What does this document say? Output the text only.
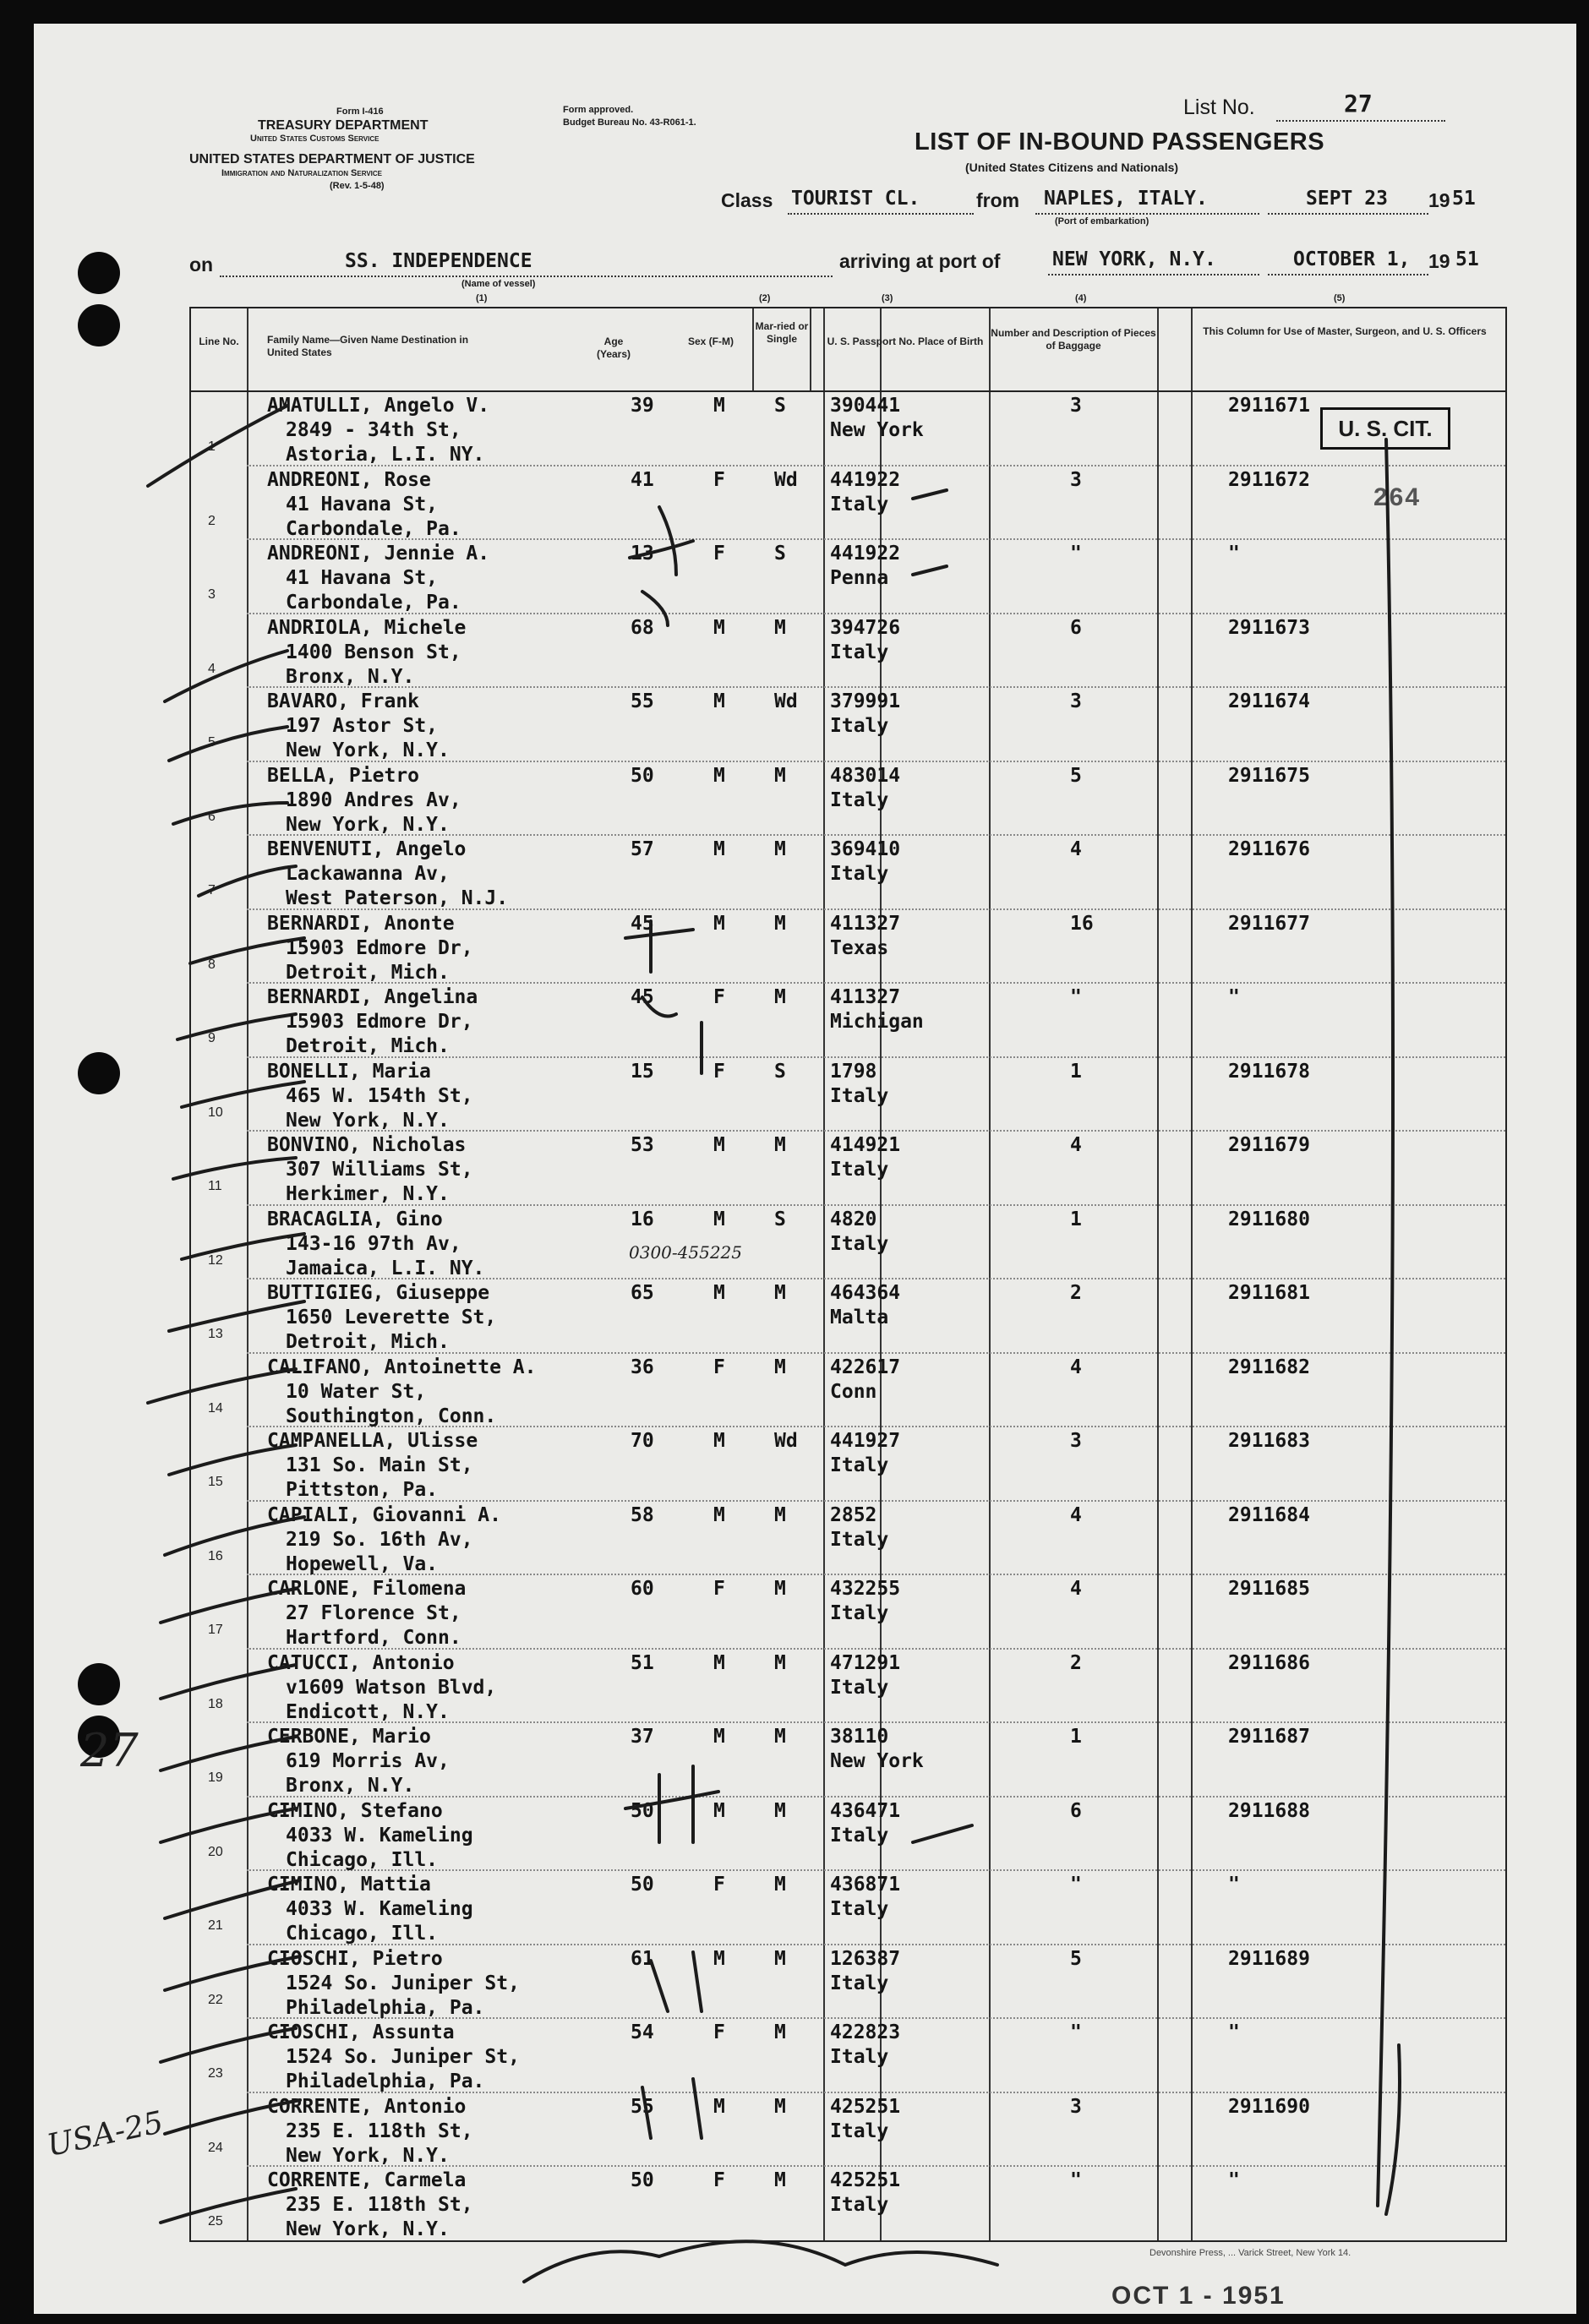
Form I-416
TREASURY DEPARTMENT
United States Customs Service
UNITED STATES DEPARTMENT OF JUSTICE
Immigration and Naturalization Service
(Rev. 1-5-48)
Form approved.
Budget Bureau No. 43-R061-1.
List No.	27
LIST OF IN-BOUND PASSENGERS
(United States Citizens and Nationals)
Class TOURIST CL.	from NAPLES, ITALY.
(Port of embarkation)
SEPT 23 19 51
on	SS. INDEPENDENCE
(Name of vessel)
arriving at port of	NEW YORK, N.Y.	OCTOBER 1, 19 51
(1)	(2)	(3)	(4)	(5)
Line No.	Family Name—Given Name Destination in United States
Age (Years)
Sex (F-M)
Mar-ried or Single	U. S. Passport No. Place of Birth
Number and Description of Pieces of Baggage
This Column for Use of Master, Surgeon, and U. S. Officers
1
AMATULLI, Angelo V.
2849 - 34th St,
Astoria, L.I. NY.
39	M	S 390441
New York
3	2911671
2
ANDREONI, Rose
41 Havana St,
Carbondale, Pa.
41	F	Wd 441922
Italy
3	2911672
3
ANDREONI, Jennie A.
41 Havana St,
Carbondale, Pa.
13	F	S 441922
Penna
"	"
4
ANDRIOLA, Michele
1400 Benson St,
Bronx, N.Y.
68	M	M 394726
Italy
6	2911673
5
BAVARO, Frank
197 Astor St,
New York, N.Y.
55	M	Wd 379991
Italy
3	2911674
6
BELLA, Pietro
1890 Andres Av,
New York, N.Y.
50	M	M 483014
Italy
5	2911675
7
BENVENUTI, Angelo
Lackawanna Av,
West Paterson, N.J.
57	M	M 369410
Italy
4	2911676
8
BERNARDI, Anonte
15903 Edmore Dr,
Detroit, Mich.
45	M	M 411327
Texas
16	2911677
9
BERNARDI, Angelina
15903 Edmore Dr,
Detroit, Mich.
45	F	M 411327
Michigan
"	"
10
BONELLI, Maria
465 W. 154th St,
New York, N.Y.
15	F	S 1798
Italy
1	2911678
11
BONVINO, Nicholas
307 Williams St,
Herkimer, N.Y.
53	M	M 414921
Italy
4	2911679
12
BRACAGLIA, Gino
143-16 97th Av,
Jamaica, L.I. NY.
16	M	S 4820
Italy
1	2911680
13
BUTTIGIEG, Giuseppe
1650 Leverette St,
Detroit, Mich.
65	M	M 464364
Malta
2	2911681
14
CALIFANO, Antoinette A.
10 Water St,
Southington, Conn.
36	F	M 422617
Conn
4	2911682
15
CAMPANELLA, Ulisse
131 So. Main St,
Pittston, Pa.
70	M	Wd 441927
Italy
3	2911683
16
CAPIALI, Giovanni A.
219 So. 16th Av,
Hopewell, Va.
58	M	M 2852
Italy
4	2911684
17
CARLONE, Filomena
27 Florence St,
Hartford, Conn.
60	F	M 432255
Italy
4	2911685
18
CATUCCI, Antonio
v1609 Watson Blvd,
Endicott, N.Y.
51	M	M 471291
Italy
2	2911686
19
CERBONE, Mario
619 Morris Av,
Bronx, N.Y.
37	M	M 38110
New York
1	2911687
20
CIMINO, Stefano
4033 W. Kameling
Chicago, Ill.
50	M	M 436471
Italy
6	2911688
21
CIMINO, Mattia
4033 W. Kameling
Chicago, Ill.
50	F	M 436871
Italy
"	"
22
CIOSCHI, Pietro
1524 So. Juniper St,
Philadelphia, Pa.
61	M	M 126387
Italy
5	2911689
23
CIOSCHI, Assunta
1524 So. Juniper St,
Philadelphia, Pa.
54	F	M 422823
Italy
"	"
24
CORRENTE, Antonio
235 E. 118th St,
New York, N.Y.
55	M	M 425251
Italy
3	2911690
25
CORRENTE, Carmela
235 E. 118th St,
New York, N.Y.
50	F	M 425251
Italy
"	"
U. S. CIT.
264
OCT 1 - 1951
Devonshire Press, ... Varick Street, New York 14.
27
USA-25
0300-455225
